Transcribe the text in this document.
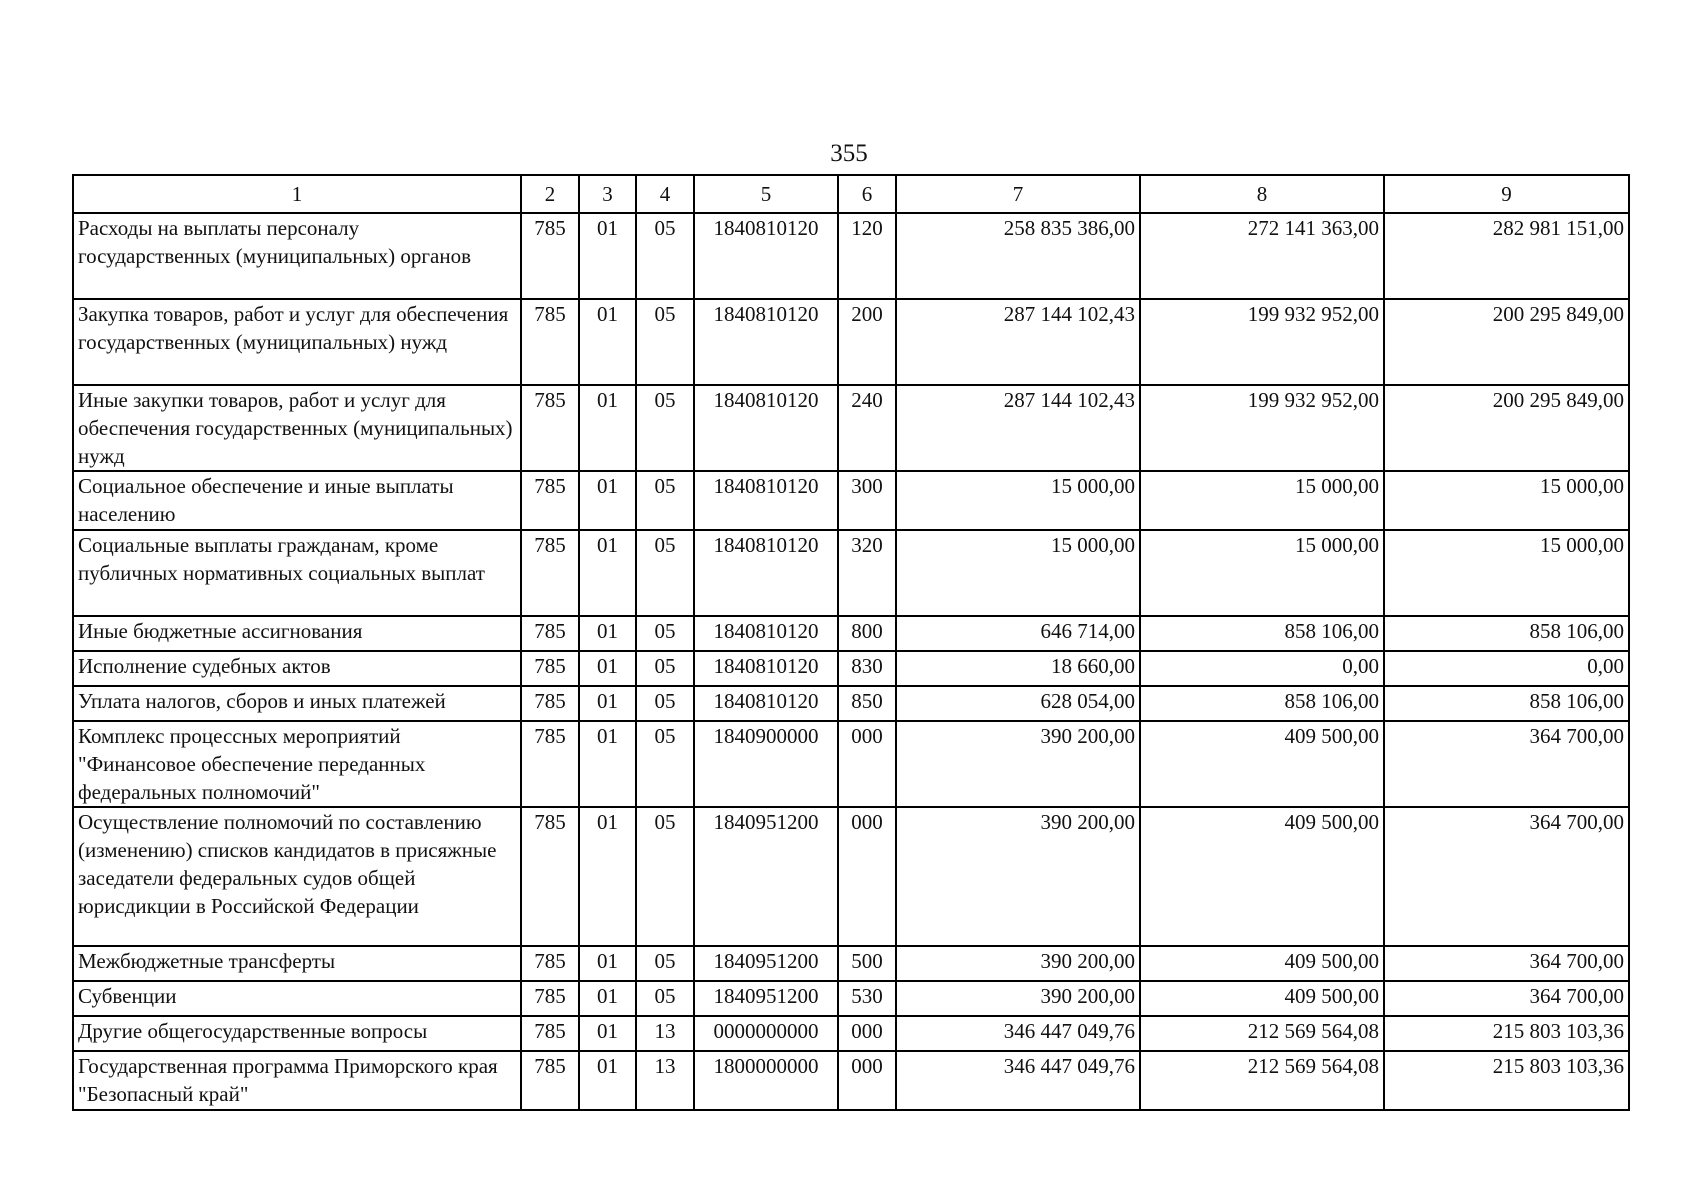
355
1	2	3	4	5	6	7	8	9
Расходы на выплаты персоналу государственных (муниципальных) органов	785	01	05	1840810120	120	258 835 386,00	272 141 363,00	282 981 151,00
Закупка товаров, работ и услуг для обеспечения государственных (муниципальных) нужд	785	01	05	1840810120	200	287 144 102,43	199 932 952,00	200 295 849,00
Иные закупки товаров, работ и услуг для обеспечения государственных (муниципальных) нужд	785	01	05	1840810120	240	287 144 102,43	199 932 952,00	200 295 849,00
Социальное обеспечение и иные выплаты населению	785	01	05	1840810120	300	15 000,00	15 000,00	15 000,00
Социальные выплаты гражданам, кроме публичных нормативных социальных выплат	785	01	05	1840810120	320	15 000,00	15 000,00	15 000,00
Иные бюджетные ассигнования	785	01	05	1840810120	800	646 714,00	858 106,00	858 106,00
Исполнение судебных актов	785	01	05	1840810120	830	18 660,00	0,00	0,00
Уплата налогов, сборов и иных платежей	785	01	05	1840810120	850	628 054,00	858 106,00	858 106,00
Комплекс процессных мероприятий "Финансовое обеспечение переданных федеральных полномочий"	785	01	05	1840900000	000	390 200,00	409 500,00	364 700,00
Осуществление полномочий по составлению (изменению) списков кандидатов в присяжные заседатели федеральных судов общей юрисдикции в Российской Федерации	785	01	05	1840951200	000	390 200,00	409 500,00	364 700,00
Межбюджетные трансферты	785	01	05	1840951200	500	390 200,00	409 500,00	364 700,00
Субвенции	785	01	05	1840951200	530	390 200,00	409 500,00	364 700,00
Другие общегосударственные вопросы	785	01	13	0000000000	000	346 447 049,76	212 569 564,08	215 803 103,36
Государственная программа Приморского края "Безопасный край"	785	01	13	1800000000	000	346 447 049,76	212 569 564,08	215 803 103,36
